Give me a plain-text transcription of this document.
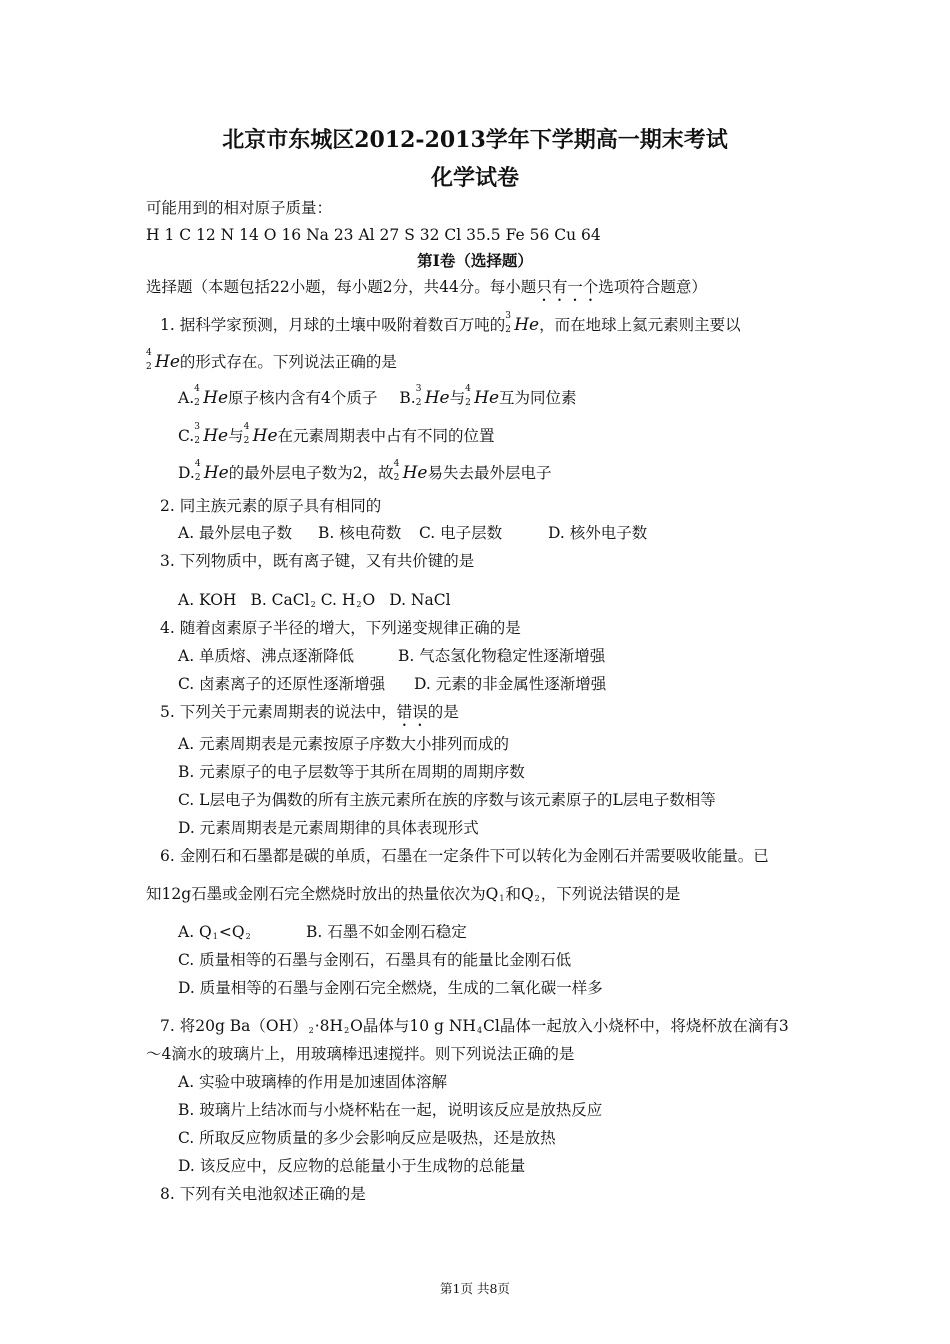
北京市东城区2012-2013学年下学期高一期末考试
化学试卷
可能用到的相对原子质量：
H 1 C 12 N 14 O 16 Na 23 Al 27 S 32 Cl 35.5 Fe 56 Cu 64
第Ⅰ卷（选择题）
选择题（本题包括22小题，每小题2分，共44分。每小题只有一个选项符合题意）
1. 据科学家预测，月球的土壤中吸附着数百万吨的 3
2 He，而在地球上氦元素则主要以
4
2 He的形式存在。下列说法正确的是
A. 4
2 He原子核内含有4个质子 B. 3
2 He与 4
2 He互为同位素
C. 3
2 He与 4
2 He在元素周期表中占有不同的位置
D. 4
2 He的最外层电子数为2，故 4
2 He易失去最外层电子
2. 同主族元素的原子具有相同的
A. 最外层电子数 B. 核电荷数 C. 电子层数	D. 核外电子数
3. 下列物质中，既有离子键，又有共价键的是
A. KOH B. CaCl$_2$ C. $H_2O$ D. NaCl
4. 随着卤素原子半径的增大，下列递变规律正确的是
A. 单质熔、沸点逐渐降低	B. 气态氢化物稳定性逐渐增强
C. 卤素离子的还原性逐渐增强 D. 元素的非金属性逐渐增强
5. 下列关于元素周期表的说法中，错误的是
A. 元素周期表是元素按原子序数大小排列而成的
B. 元素原子的电子层数等于其所在周期的周期序数
C. L层电子为偶数的所有主族元素所在族的序数与该元素原子的L层电子数相等
D. 元素周期表是元素周期律的具体表现形式
6. 金刚石和石墨都是碳的单质，石墨在一定条件下可以转化为金刚石并需要吸收能量。已
知12g石墨或金刚石完全燃烧时放出的热量依次为$Q_1$和$Q_2$，下列说法错误的是
A. $Q_1<Q_2$	B. 石墨不如金刚石稳定
C. 质量相等的石墨与金刚石，石墨具有的能量比金刚石低
D. 质量相等的石墨与金刚石完全燃烧，生成的二氧化碳一样多
7. 将20g $Ba(OH)_2\cdot 8H_2O$晶体与10 g $NH_4Cl$晶体一起放入小烧杯中，将烧杯放在滴有3
～4滴水的玻璃片上，用玻璃棒迅速搅拌。则下列说法正确的是
A. 实验中玻璃棒的作用是加速固体溶解
B. 玻璃片上结冰而与小烧杯粘在一起，说明该反应是放热反应
C. 所取反应物质量的多少会影响反应是吸热，还是放热
D. 该反应中，反应物的总能量小于生成物的总能量
8. 下列有关电池叙述正确的是
第1页 共8页
